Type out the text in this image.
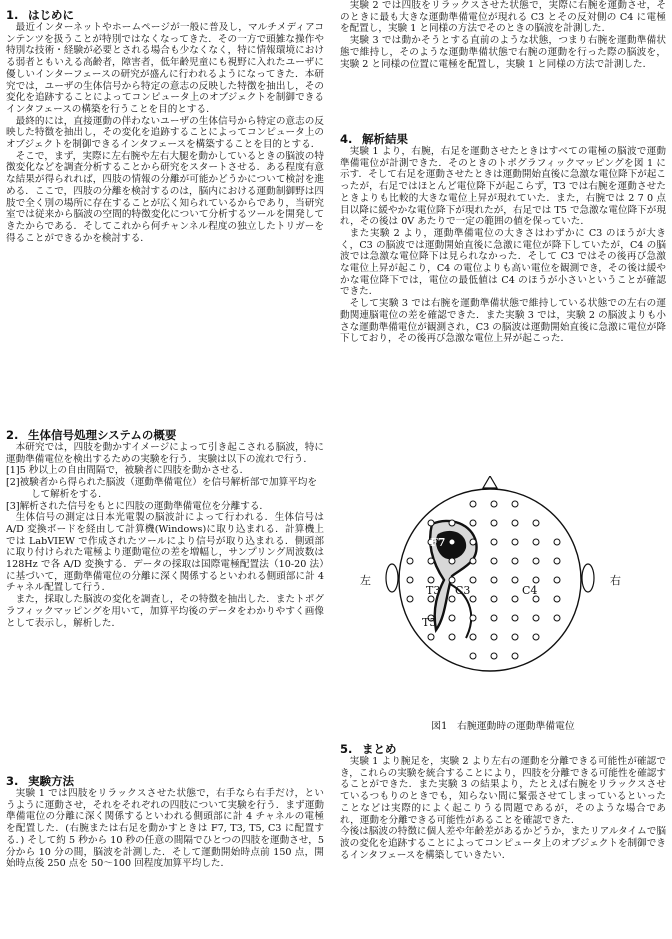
1. はじめに

最近インターネットやホームページが一般に普及し，マルチメディアコンテンツを扱うことが特別ではなくなってきた．その一方で頭雑な操作や特別な技術・経験が必要とされる場合も少なくなく，特に情報環境における弱者ともいえる高齢者，障害者，低年齢児童にも視野に入れたユーザに優しいインターフェースの研究が盛んに行われるようになってきた．本研究では，ユーザの生体信号から特定の意志の反映した特徴を抽出し，その変化を追跡することによってコンピュータ上のオブジェクトを制御できるインタフェースの構築を行うことを目的とする．

最終的には，直接運動の伴わないユーザの生体信号から特定の意志の反映した特徴を抽出し，その変化を追跡することによってコンピュータ上のオブジェクトを制御できるインタフェースを構築することを目的とする．

そこで，まず，実際に左右腕や左右大腿を動かしているときの脳波の特徴変化などを調査分析することから研究をスタートさせる．ある程度有意な結果が得られれば，四肢の情報の分離が可能かどうかについて検討を進める．ここで，四肢の分離を検討するのは，脳内における運動制御野は四肢で全く別の場所に存在することが広く知られているからであり，当研究室では従来から脳波の空間的特徴変化について分析するツールを開発してきたからである．そしてこれから何チャンネル程度の独立したトリガーを得ることができるかを検討する．

2. 生体信号処理システムの概要

本研究では，四肢を動かすイメージによって引き起こされる脳波，特に運動準備電位を検出するための実験を行う．実験は以下の流れで行う．

[1]5 秒以上の自由間隔で，被験者に四肢を動かさせる．
[2]被験者から得られた脳波（運動準備電位）を信号解析部で加算平均をして解析をする．
[3]解析された信号をもとに四肢の運動準備電位を分離する．

生体信号の測定は日本光電製の脳波計によって行われる．生体信号は A/D 変換ボードを経由して計算機(Windows)に取り込まれる．計算機上では LabVIEW で作成されたツールにより信号が取り込まれる．側頭部に取り付けられた電極より運動電位の差を増幅し，サンプリング周波数は 128Hz で各 A/D 変換する．データの採取は国際電極配置法（10-20 法）に基づいて，運動準備電位の分離に深く関係するといわれる側頭部に計 4 チャネル配置して行う．

また，採取した脳波の変化を調査し，その特徴を抽出した．またトポグラフィックマッピングを用いて，加算平均後のデータをわかりやすく画像として表示し，解析した．

3. 実験方法

実験 1 では四肢をリラックスさせた状態で，右手なら右手だけ，というように運動させ，それをそれぞれの四肢について実験を行う．まず運動準備電位の分離に深く関係するといわれる側頭部に計 4 チャネルの電極を配置した．(右腕または右足を動かすときは F7, T3, T5, C3 に配置する．) そして約 5 秒から 10 秒の任意の間隔でひとつの四肢を運動させ，5 分から 10 分の間，脳波を計測した．そして運動開始時点前 150 点，開始時点後 250 点を 50～100 回程度加算平均した．

実験 2 では四肢をリラックスさせた状態で，実際に右腕を運動させ，そのときに最も大きな運動準備電位が現れる C3 とその反対側の C4 に電極を配置し，実験 1 と同様の方法でそのときの脳波を計測した．

実験 3 では動かそうとする直前のような状態，つまり右腕を運動準備状態で維持し，そのような運動準備状態で右腕の運動を行った際の脳波を，実験 2 と同様の位置に電極を配置し，実験 1 と同様の方法で計測した．

4. 解析結果

実験 1 より，右腕，右足を運動させたときはすべての電極の脳波で運動準備電位が計測できた．そのときのトポグラフィックマッピングを図 1 に示す．そして右足を運動させたときは運動開始直後に急激な電位降下が起こったが，右足ではほとんど電位降下が起こらず，T3 では右腕を運動させたときよりも比較的大きな電位上昇が現れていた．また，右腕では 2 7 0 点目以降に緩やかな電位降下が現れたが，右足では T5 で急激な電位降下が現れ，その後は 0V あたりで一定の範囲の値を保っていた．

また実験 2 より，運動準備電位の大きさはわずかに C3 のほうが大きく，C3 の脳波では運動開始直後に急激に電位が降下していたが，C4 の脳波では急激な電位降下は見られなかった．そして C3 ではその後再び急激な電位上昇が起こり，C4 の電位よりも高い電位を観測でき，その後は緩やかな電位降下では，電位の最低値は C4 のほうが小さいということが確認できた．

そして実験 3 では右腕を運動準備状態で維持している状態での左右の運動関連脳電位の差を確認できた．また実験 3 では，実験 2 の脳波よりも小さな運動準備電位が観測され，C3 の脳波は運動開始直後に急激に電位が降下しており，その後再び急激な電位上昇が起こった．

左	右
F7
T3 C3	C4
T5
図1　右腕運動時の運動準備電位
5. まとめ

実験 1 より腕足を，実験 2 より左右の運動を分離できる可能性が確認でき，これらの実験を統合することにより，四肢を分離できる可能性を確認することができた．また実験 3 の結果より，たとえば右腕をリラックスさせているつもりのときでも，知らない間に緊張させてしまっているといったことなどは実際的によく起こりうる問題であるが，そのような場合であれ，運動を分離できる可能性があることを確認できた．

今後は脳波の特徴に個人差や年齢差があるかどうか，またリアルタイムで脳波の変化を追跡することによってコンピュータ上のオブジェクトを制御できるインタフェースを構築していきたい．
